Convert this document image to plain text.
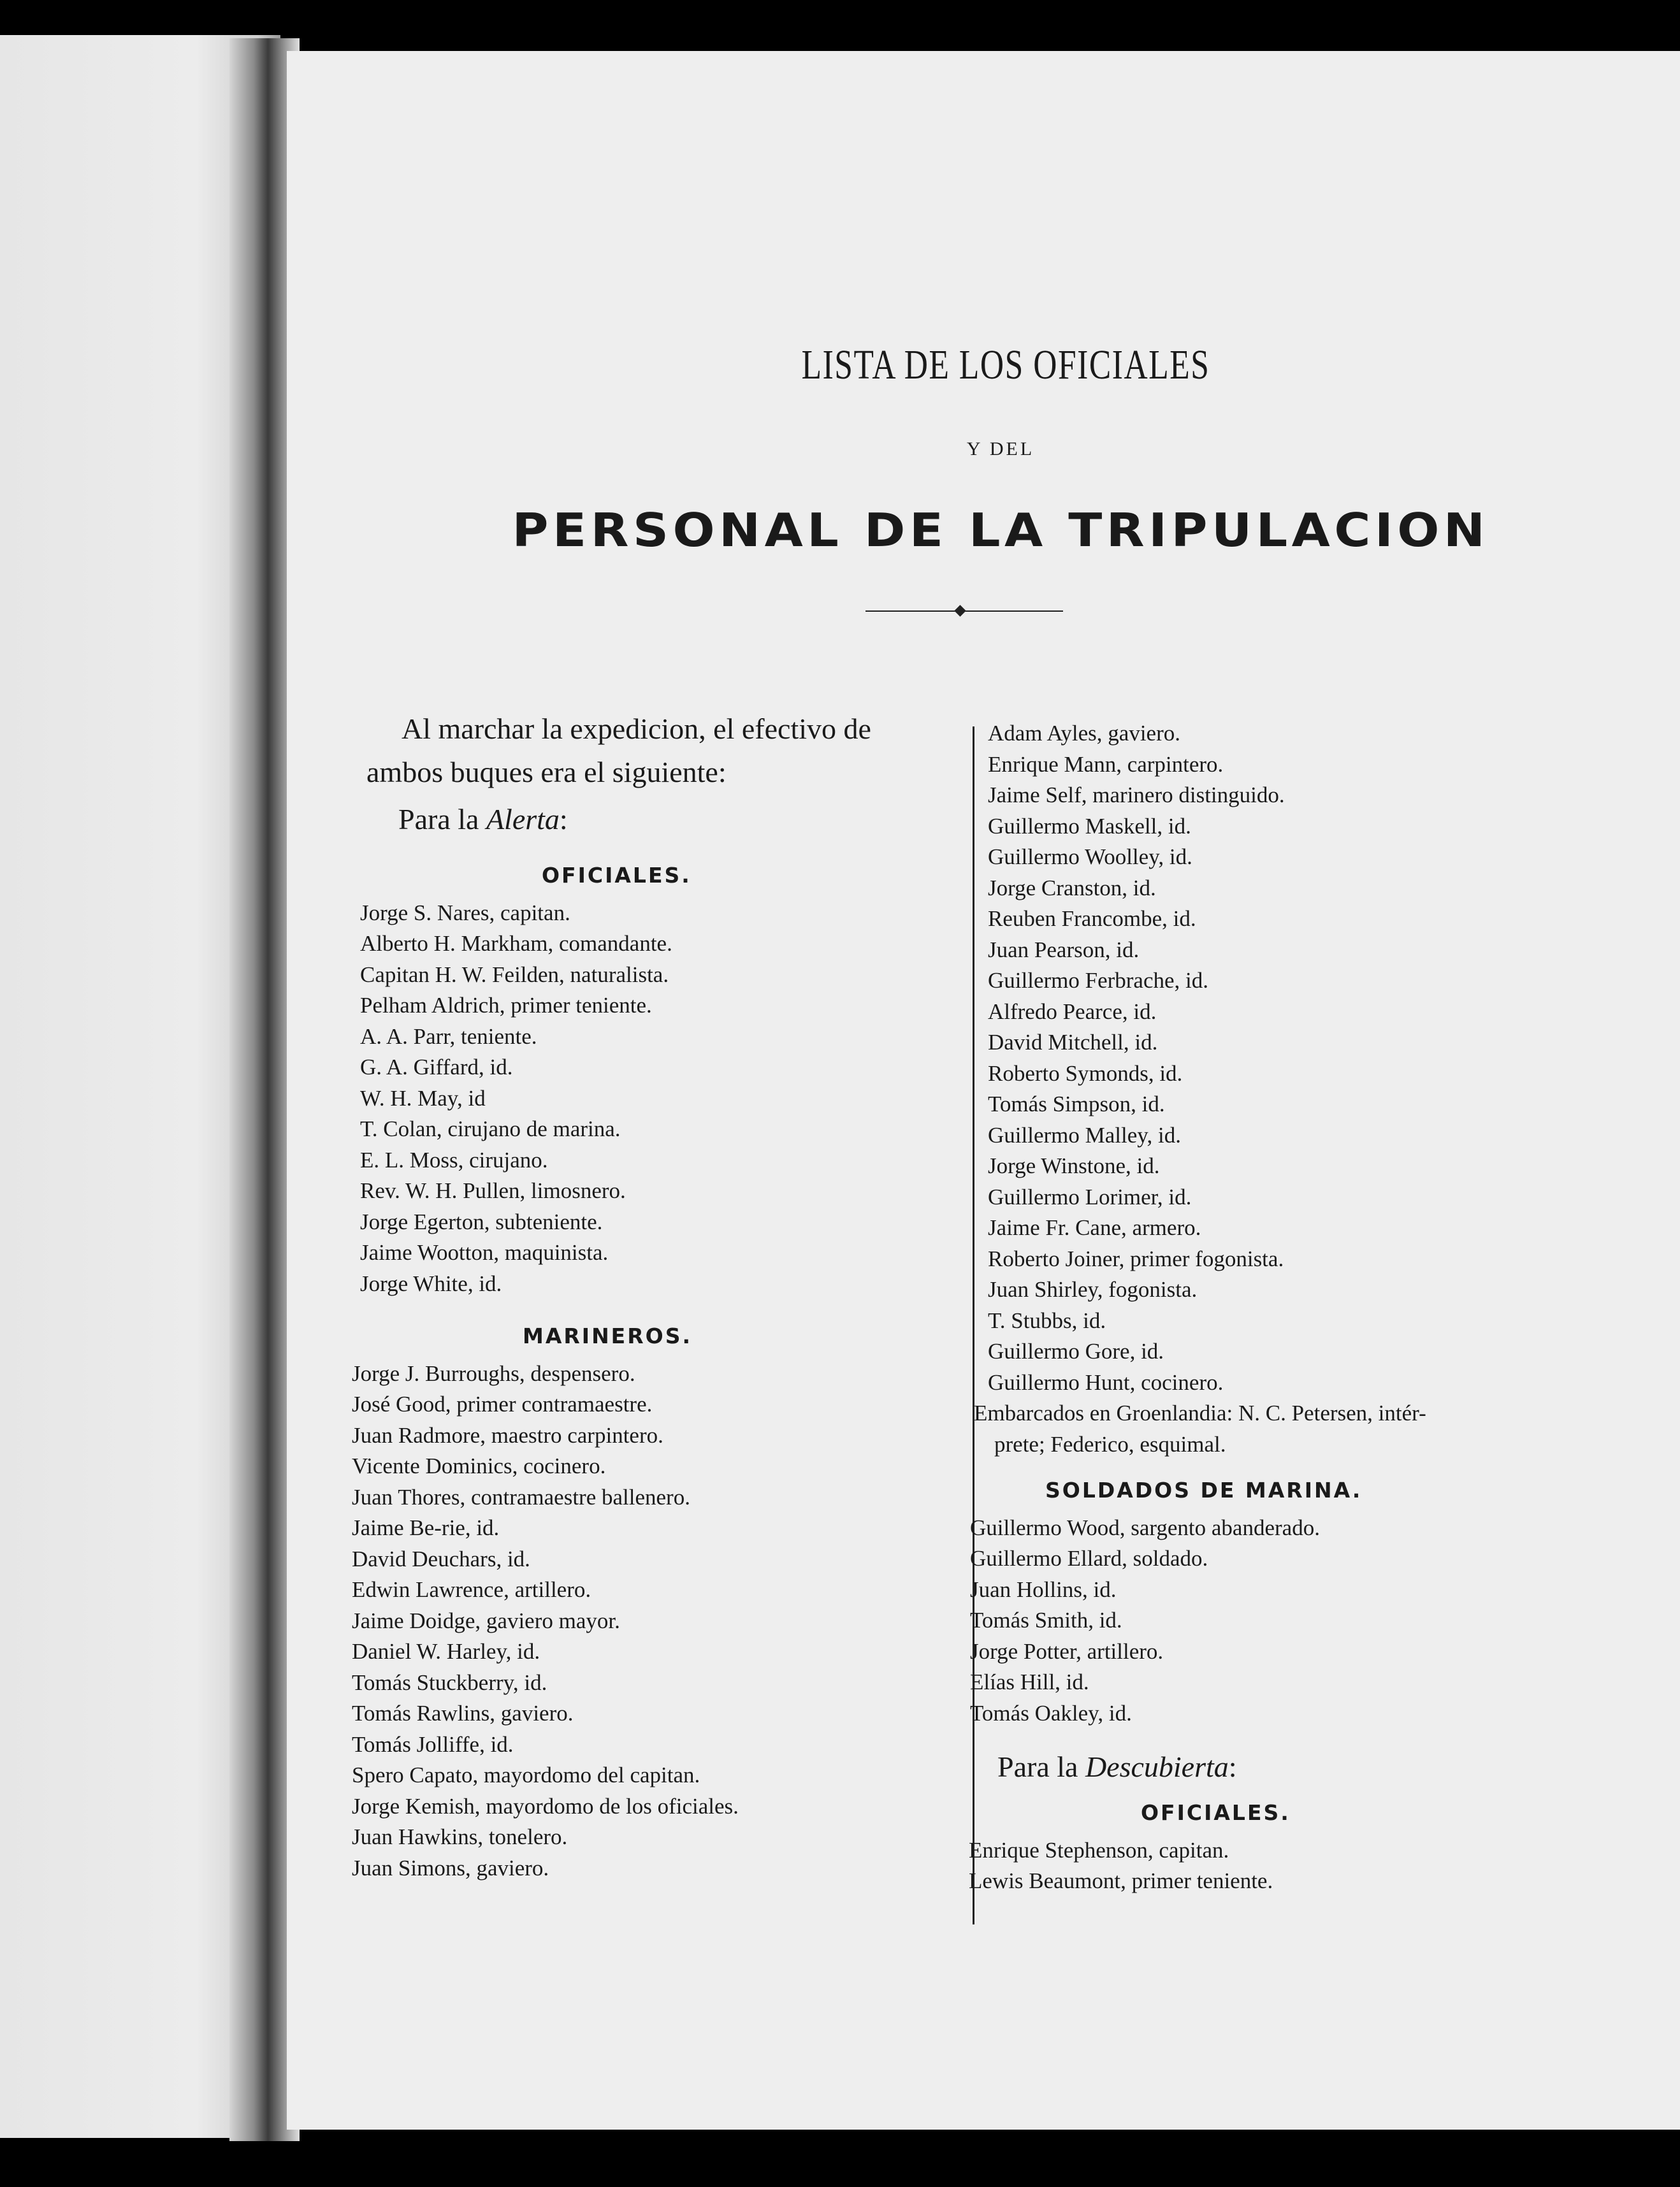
LISTA DE LOS OFICIALES
Y DEL
PERSONAL DE LA TRIPULACION
Al marchar la expedicion, el efectivo de
ambos buques era el siguiente:
Para la Alerta:
OFICIALES.
Jorge S. Nares, capitan.
Alberto H. Markham, comandante.
Capitan H. W. Feilden, naturalista.
Pelham Aldrich, primer teniente.
A. A. Parr, teniente.
G. A. Giffard, id.
W. H. May, id
T. Colan, cirujano de marina.
E. L. Moss, cirujano.
Rev. W. H. Pullen, limosnero.
Jorge Egerton, subteniente.
Jaime Wootton, maquinista.
Jorge White, id.
MARINEROS.
Jorge J. Burroughs, despensero.
José Good, primer contramaestre.
Juan Radmore, maestro carpintero.
Vicente Dominics, cocinero.
Juan Thores, contramaestre ballenero.
Jaime Be-rie, id.
David Deuchars, id.
Edwin Lawrence, artillero.
Jaime Doidge, gaviero mayor.
Daniel W. Harley, id.
Tomás Stuckberry, id.
Tomás Rawlins, gaviero.
Tomás Jolliffe, id.
Spero Capato, mayordomo del capitan.
Jorge Kemish, mayordomo de los oficiales.
Juan Hawkins, tonelero.
Juan Simons, gaviero.
Adam Ayles, gaviero.
Enrique Mann, carpintero.
Jaime Self, marinero distinguido.
Guillermo Maskell, id.
Guillermo Woolley, id.
Jorge Cranston, id.
Reuben Francombe, id.
Juan Pearson, id.
Guillermo Ferbrache, id.
Alfredo Pearce, id.
David Mitchell, id.
Roberto Symonds, id.
Tomás Simpson, id.
Guillermo Malley, id.
Jorge Winstone, id.
Guillermo Lorimer, id.
Jaime Fr. Cane, armero.
Roberto Joiner, primer fogonista.
Juan Shirley, fogonista.
T. Stubbs, id.
Guillermo Gore, id.
Guillermo Hunt, cocinero.
Embarcados en Groenlandia: N. C. Petersen, intér-
prete; Federico, esquimal.
SOLDADOS DE MARINA.
Guillermo Wood, sargento abanderado.
Guillermo Ellard, soldado.
Juan Hollins, id.
Tomás Smith, id.
Jorge Potter, artillero.
Elías Hill, id.
Tomás Oakley, id.
Para la Descubierta:
OFICIALES.
Enrique Stephenson, capitan.
Lewis Beaumont, primer teniente.
